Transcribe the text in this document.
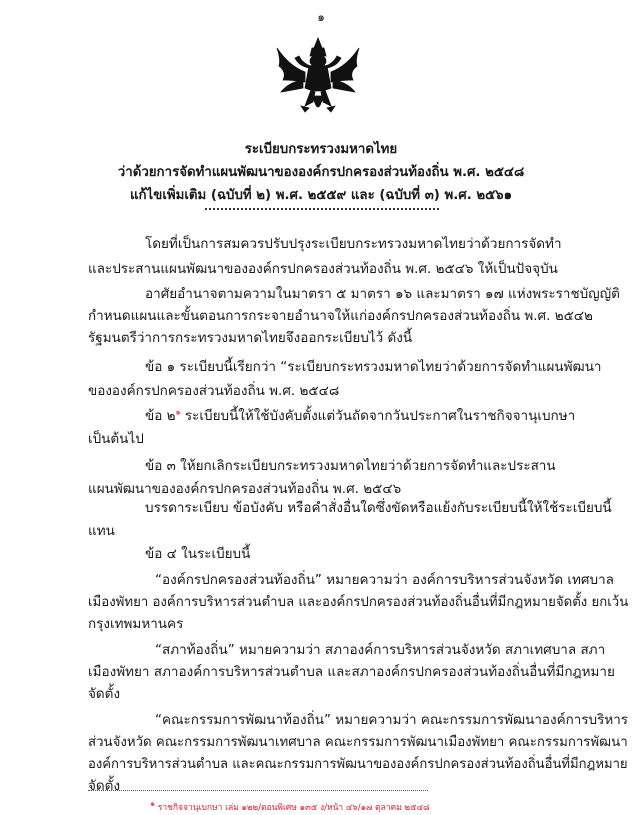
๑
ระเบียบกระทรวงมหาดไทย
ว่าด้วยการจัดทำแผนพัฒนาขององค์กรปกครองส่วนท้องถิ่น พ.ศ. ๒๕๔๘
แก้ไขเพิ่มเติม (ฉบับที่ ๒) พ.ศ. ๒๕๕๙ และ (ฉบับที่ ๓) พ.ศ. ๒๕๖๑
โดยที่เป็นการสมควรปรับปรุงระเบียบกระทรวงมหาดไทยว่าด้วยการจัดทำ
และประสานแผนพัฒนาขององค์กรปกครองส่วนท้องถิ่น พ.ศ. ๒๕๔๖ ให้เป็นปัจจุบัน
อาศัยอำนาจตามความในมาตรา ๕ มาตรา ๑๖ และมาตรา ๑๗ แห่งพระราชบัญญัติ
กำหนดแผนและขั้นตอนการกระจายอำนาจให้แก่องค์กรปกครองส่วนท้องถิ่น พ.ศ. ๒๕๔๒
รัฐมนตรีว่าการกระทรวงมหาดไทยจึงออกระเบียบไว้ ดังนี้
ข้อ ๑ ระเบียบนี้เรียกว่า “ระเบียบกระทรวงมหาดไทยว่าด้วยการจัดทำแผนพัฒนา
ขององค์กรปกครองส่วนท้องถิ่น พ.ศ. ๒๕๔๘
ข้อ ๒$^๑$ ระเบียบนี้ให้ใช้บังคับตั้งแต่วันถัดจากวันประกาศในราชกิจจานุเบกษา
เป็นต้นไป
ข้อ ๓ ให้ยกเลิกระเบียบกระทรวงมหาดไทยว่าด้วยการจัดทำและประสาน
แผนพัฒนาขององค์กรปกครองส่วนท้องถิ่น พ.ศ. ๒๕๔๖
บรรดาระเบียบ ข้อบังคับ หรือคำสั่งอื่นใดซึ่งขัดหรือแย้งกับระเบียบนี้ให้ใช้ระเบียบนี้
แทน
ข้อ ๔ ในระเบียบนี้
“องค์กรปกครองส่วนท้องถิ่น” หมายความว่า องค์การบริหารส่วนจังหวัด เทศบาล
เมืองพัทยา องค์การบริหารส่วนตำบล และองค์กรปกครองส่วนท้องถิ่นอื่นที่มีกฎหมายจัดตั้ง ยกเว้น
กรุงเทพมหานคร
“สภาท้องถิ่น” หมายความว่า สภาองค์การบริหารส่วนจังหวัด สภาเทศบาล สภา
เมืองพัทยา สภาองค์การบริหารส่วนตำบล และสภาองค์กรปกครองส่วนท้องถิ่นอื่นที่มีกฎหมาย
จัดตั้ง
“คณะกรรมการพัฒนาท้องถิ่น” หมายความว่า คณะกรรมการพัฒนาองค์การบริหาร
ส่วนจังหวัด คณะกรรมการพัฒนาเทศบาล คณะกรรมการพัฒนาเมืองพัทยา คณะกรรมการพัฒนา
องค์การบริหารส่วนตำบล และคณะกรรมการพัฒนาขององค์กรปกครองส่วนท้องถิ่นอื่นที่มีกฎหมาย
จัดตั้ง
๑ ราชกิจจานุเบกษา เล่ม ๑๒๒/ตอนพิเศษ ๑๓๕ ง/หน้า ๔๖/๑๗ ตุลาคม ๒๕๔๘
